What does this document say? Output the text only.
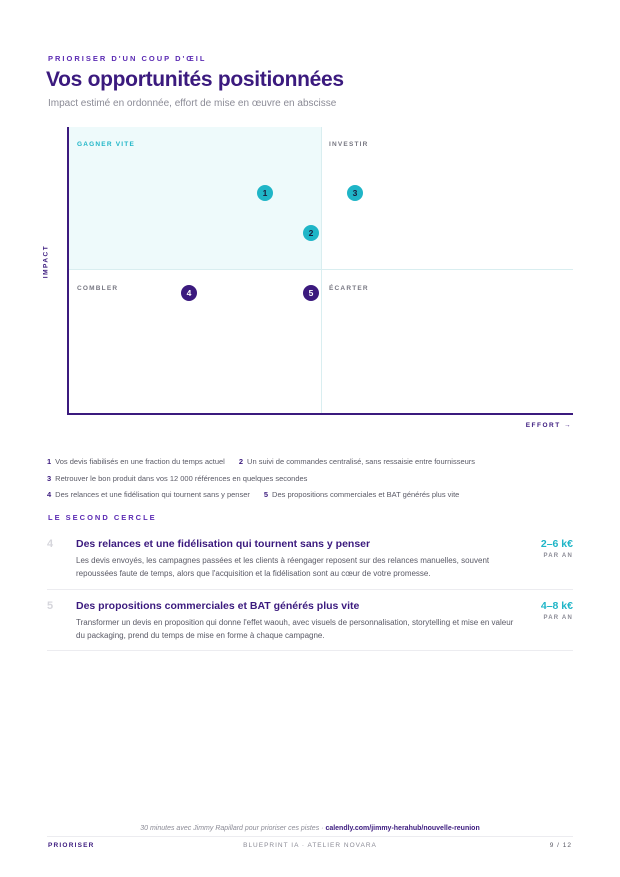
PRIORISER D'UN COUP D'ŒIL
Vos opportunités positionnées
Impact estimé en ordonnée, effort de mise en œuvre en abscisse
IMPACT
GAGNER VITE	INVESTIR
COMBLER	ÉCARTER
1
2
3
4	5
EFFORT →
1 Vos devis fiabilisés en une fraction du temps actuel 2 Un suivi de commandes centralisé, sans ressaisie entre fournisseurs
3 Retrouver le bon produit dans vos 12 000 références en quelques secondes
4 Des relances et une fidélisation qui tournent sans y penser 5 Des propositions commerciales et BAT générés plus vite
LE SECOND CERCLE
4 Des relances et une fidélisation qui tournent sans y penser
Les devis envoyés, les campagnes passées et les clients à réengager reposent sur des relances manuelles, souvent repoussées faute de temps, alors que l'acquisition et la fidélisation sont au cœur de votre promesse.
2–6 k€
PAR AN
5 Des propositions commerciales et BAT générés plus vite
Transformer un devis en proposition qui donne l'effet waouh, avec visuels de personnalisation, storytelling et mise en valeur du packaging, prend du temps de mise en forme à chaque campagne.
4–8 k€
PAR AN
30 minutes avec Jimmy Rapillard pour prioriser ces pistes · calendly.com/jimmy-herahub/nouvelle-reunion
PRIORISER	BLUEPRINT IA · ATELIER NOVARA	9 / 12
